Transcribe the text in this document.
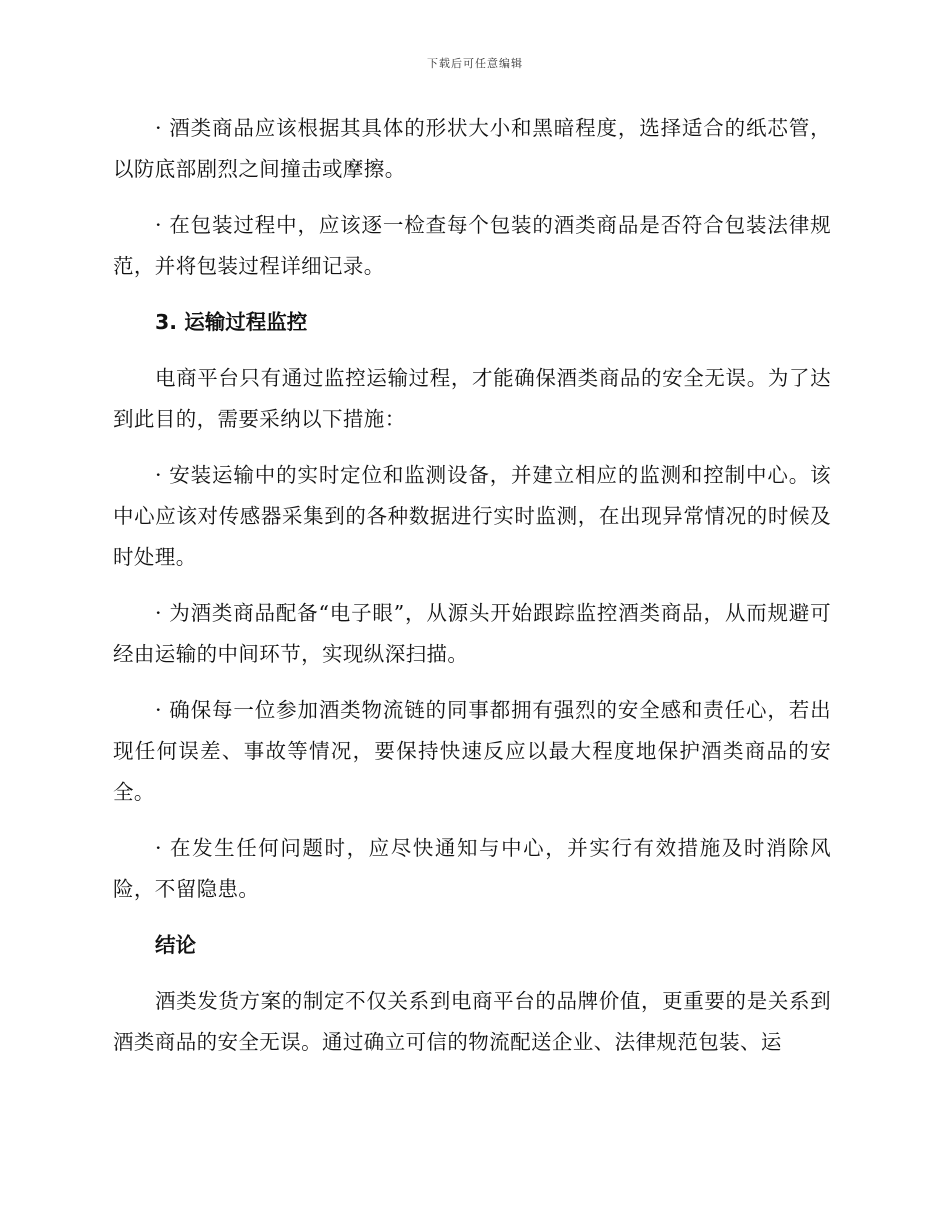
下载后可任意编辑

· 酒类商品应该根据其具体的形状大小和黑暗程度，选择适合的纸芯管，以防底部剧烈之间撞击或摩擦。

· 在包装过程中，应该逐一检查每个包装的酒类商品是否符合包装法律规范，并将包装过程详细记录。

3. 运输过程监控

电商平台只有通过监控运输过程，才能确保酒类商品的安全无误。为了达到此目的，需要采纳以下措施：

· 安装运输中的实时定位和监测设备，并建立相应的监测和控制中心。该中心应该对传感器采集到的各种数据进行实时监测，在出现异常情况的时候及时处理。

· 为酒类商品配备“电子眼”，从源头开始跟踪监控酒类商品，从而规避可经由运输的中间环节，实现纵深扫描。

· 确保每一位参加酒类物流链的同事都拥有强烈的安全感和责任心，若出现任何误差、事故等情况，要保持快速反应以最大程度地保护酒类商品的安全。

· 在发生任何问题时，应尽快通知与中心，并实行有效措施及时消除风险，不留隐患。

结论

酒类发货方案的制定不仅关系到电商平台的品牌价值，更重要的是关系到酒类商品的安全无误。通过确立可信的物流配送企业、法律规范包装、运
